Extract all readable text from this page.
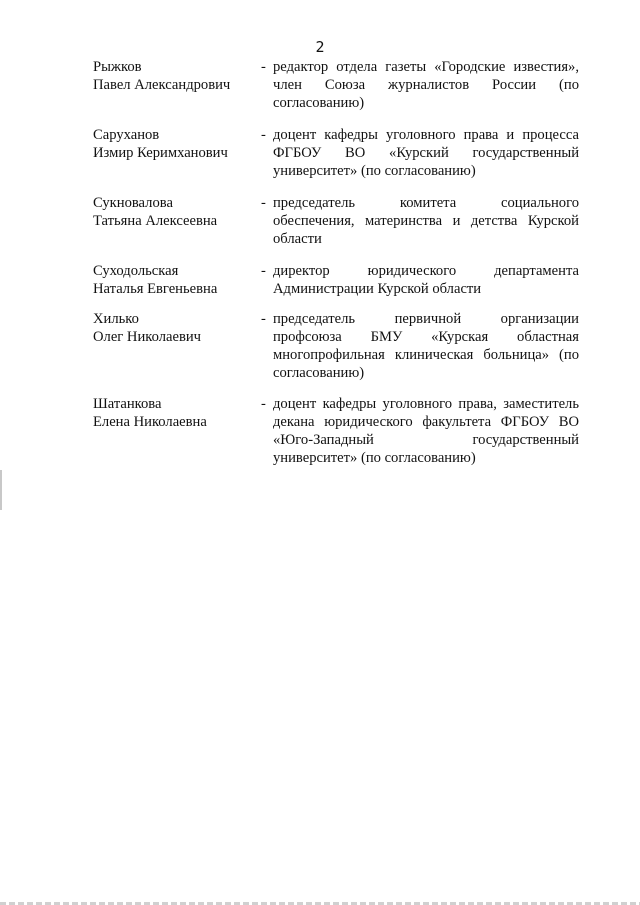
2
Рыжков
Павел Александрович
- редактор отдела газеты «Городские известия»,
член Союза журналистов России (по
согласованию)
Саруханов
Измир Керимханович
- доцент кафедры уголовного права и процесса
ФГБОУ ВО «Курский государственный
университет» (по согласованию)
Сукновалова
Татьяна Алексеевна
- председатель комитета социального
обеспечения, материнства и детства Курской
области
Суходольская
Наталья Евгеньевна
- директор юридического департамента
Администрации Курской области
Хилько
Олег Николаевич
- председатель первичной организации
профсоюза БМУ «Курская областная
многопрофильная клиническая больница» (по
согласованию)
Шатанкова
Елена Николаевна
- доцент кафедры уголовного права, заместитель
декана юридического факультета ФГБОУ ВО
«Юго-Западный государственный
университет» (по согласованию)
